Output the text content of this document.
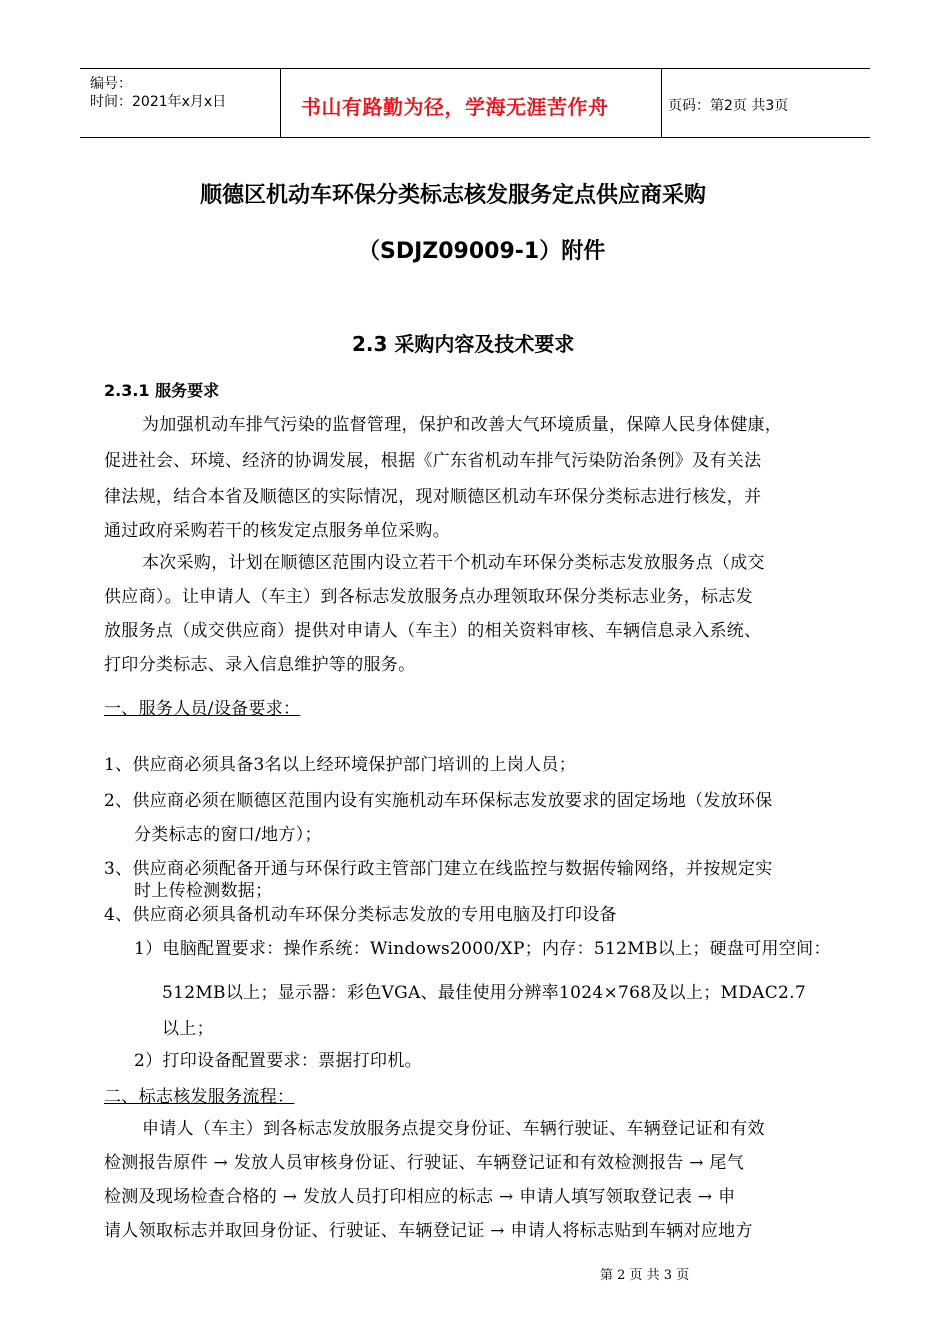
编号：
时间：2021年x月x日	书山有路勤为径，学海无涯苦作舟	页码：第2页 共3页
顺德区机动车环保分类标志核发服务定点供应商采购
（SDJZ09009-1）附件
2.3 采购内容及技术要求
2.3.1 服务要求
为加强机动车排气污染的监督管理，保护和改善大气环境质量，保障人民身体健康，
促进社会、环境、经济的协调发展，根据《广东省机动车排气污染防治条例》及有关法
律法规，结合本省及顺德区的实际情况，现对顺德区机动车环保分类标志进行核发，并
通过政府采购若干的核发定点服务单位采购。
本次采购，计划在顺德区范围内设立若干个机动车环保分类标志发放服务点（成交
供应商）。让申请人（车主）到各标志发放服务点办理领取环保分类标志业务，标志发
放服务点（成交供应商）提供对申请人（车主）的相关资料审核、车辆信息录入系统、
打印分类标志、录入信息维护等的服务。
一、服务人员/设备要求：
1、供应商必须具备3名以上经环境保护部门培训的上岗人员；
2、供应商必须在顺德区范围内设有实施机动车环保标志发放要求的固定场地（发放环保
分类标志的窗口/地方）；
3、供应商必须配备开通与环保行政主管部门建立在线监控与数据传输网络，并按规定实
时上传检测数据；
4、供应商必须具备机动车环保分类标志发放的专用电脑及打印设备
1）电脑配置要求：操作系统：Windows2000/XP；内存：512MB以上；硬盘可用空间：
512MB以上；显示器：彩色VGA、最佳使用分辨率1024×768及以上；MDAC2.7
以上；
2）打印设备配置要求：票据打印机。
二、标志核发服务流程：
申请人（车主）到各标志发放服务点提交身份证、车辆行驶证、车辆登记证和有效
检测报告原件 → 发放人员审核身份证、行驶证、车辆登记证和有效检测报告 → 尾气
检测及现场检查合格的 → 发放人员打印相应的标志 → 申请人填写领取登记表 → 申
请人领取标志并取回身份证、行驶证、车辆登记证 → 申请人将标志贴到车辆对应地方
第 2 页 共 3 页
